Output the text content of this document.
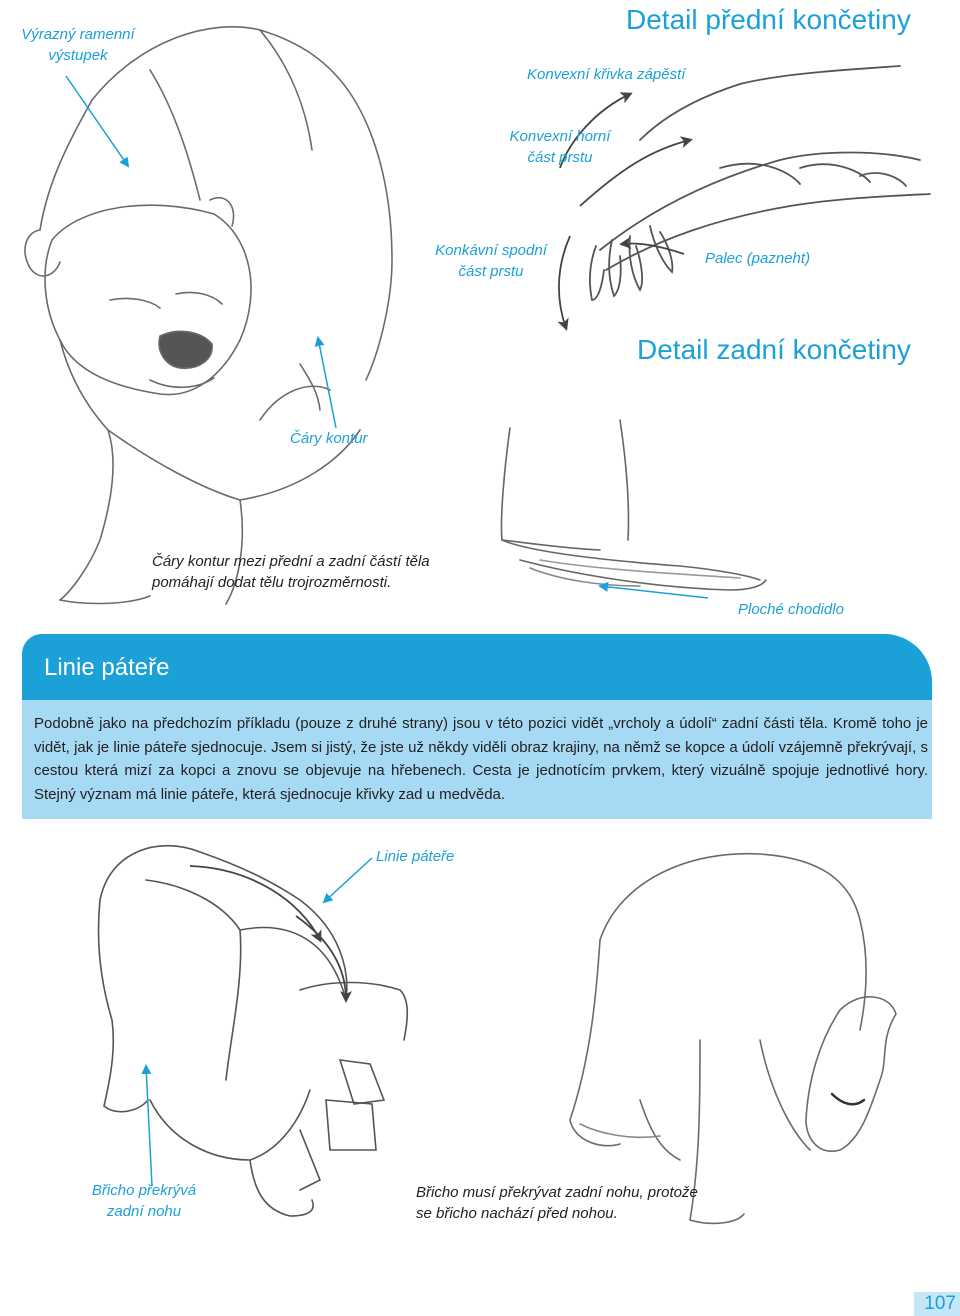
Detail přední končetiny
Detail zadní končetiny
Výrazný ramenní
výstupek
Konvexní křivka zápěstí
Konvexní horní
část prstu
Konkávní spodní
část prstu
Palec (pazneht)
Čáry kontur
Čáry kontur mezi přední a zadní částí těla
pomáhají dodat tělu trojrozměrnosti.
Ploché chodidlo
Linie páteře
Podobně jako na předchozím příkladu (pouze z druhé strany) jsou v této pozici vidět „vrcholy a údolí“ zadní části těla. Kromě toho je vidět, jak je linie páteře sjednocuje. Jsem si jistý, že jste už někdy viděli obraz krajiny, na němž se kopce a údolí vzájemně překrývají, s cestou která mizí za kopci a znovu se objevuje na hřebenech. Cesta je jednotícím prvkem, který vizuálně spojuje jednotlivé hory. Stejný význam má linie páteře, která sjednocuje křivky zad u medvěda.
Linie páteře
Břicho překrývá
zadní nohu
Břicho musí překrývat zadní nohu, protože
se břicho nachází před nohou.
107
